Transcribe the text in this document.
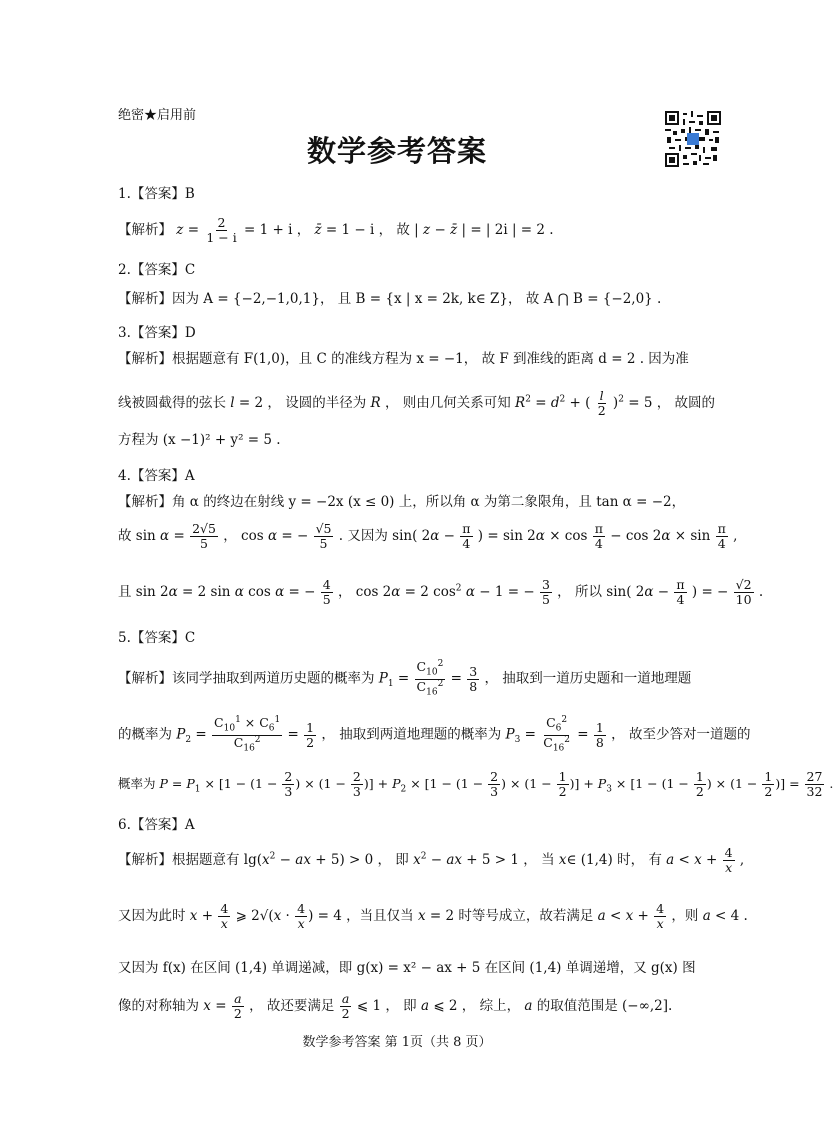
绝密★启用前
数学参考答案
1.【答案】B
【解析】 $z = \frac{2}{1 - i} = 1 + i$ ， z̄ = 1 − i ， 故 | z − z̄ | = | 2i | = 2 .
2.【答案】C
【解析】因为 A = {−2,−1,0,1}， 且 B = {x | x = 2k, k∈ Z}， 故 A ⋂ B = {−2,0} .
3.【答案】D
【解析】根据题意有 F(1,0)，且 C 的准线方程为 x = −1， 故 F 到准线的距离 d = 2 . 因为准
线被圆截得的弦长 l = 2 ， 设圆的半径为 R ， 则由几何关系可知 $R^2 = d^2$ + ( $\frac{l}{2} )^2 = 5$ ， 故圆的
方程为 (x −1)² + y² = 5 .
4.【答案】A
【解析】角 α 的终边在射线 y = −2x (x ≤ 0) 上，所以角 α 为第二象限角，且 tan α = −2，
故 $\sin \alpha = \frac{2√5}{5}$ ， cos α = − $\frac{√5}{5}$ . 又因为 sin( $2\alpha - \frac{\pi}{4}$ ) = $\sin 2\alpha \times \cos \frac{\pi}{4} - \cos 2\alpha \times \sin \frac{\pi}{4}$ ,
且 sin 2α = 2 sin α cos α = − $\frac{4}{5}$ ， cos 2α = 2 $\cos^2 \alpha - 1$ = − $\frac{3}{5}$ ， 所以 sin( $2\alpha - \frac{\pi}{4}$ ) = − $\frac{√2}{10}$ .
5.【答案】C
【解析】该同学抽取到两道历史题的概率为 $P_1 = \frac{C_{10}^2}{C_{16}^2} = \frac{3}{8}$ ， 抽取到一道历史题和一道地理题
的概率为 $P_2 = \frac{C_{10}^1 \times C_6^1}{C_{16}^2} = \frac{1}{2}$ ， 抽取到两道地理题的概率为 $P_3 = \frac{C_6^2}{C_{16}^2} = \frac{1}{8}$ ， 故至少答对一道题的
概率为 $P = P_1 \times [1 - (1 - \frac{2}{3}$ ) × ($1 - \frac{2}{3}$ )] + $P_2 \times [1 - (1 - \frac{2}{3}$ ) × ($1 - \frac{1}{2}$ )] + $P_3 \times [1 - (1 - \frac{1}{2}$ ) × ($1 - \frac{1}{2}$ )] = $\frac{27}{32}$ .
6.【答案】A
【解析】根据题意有 $\lg(x^2$ − ax + 5) > 0 ， 即 $x^2$ − ax + 5 > 1 ， 当 x∈ (1,4) 时， 有 $a < x + \frac{4}{x}$ ,
又因为此时 $x + \frac{4}{x}$ ⩾ $2√(x \cdot \frac{4}{x}$ ) = 4 ，当且仅当 x = 2 时等号成立，故若满足 $a < x + \frac{4}{x}$ ，则 a < 4 .
又因为 f(x) 在区间 (1,4) 单调递减，即 g(x) = x² − ax + 5 在区间 (1,4) 单调递增，又 g(x) 图
像的对称轴为 $x = \frac{a}{2}$ ， 故还要满足 $\frac{a}{2}$ ⩽ 1 ， 即 a ⩽ 2 ， 综上， a 的取值范围是 (−∞,2].
数学参考答案 第 1页（共 8 页）
